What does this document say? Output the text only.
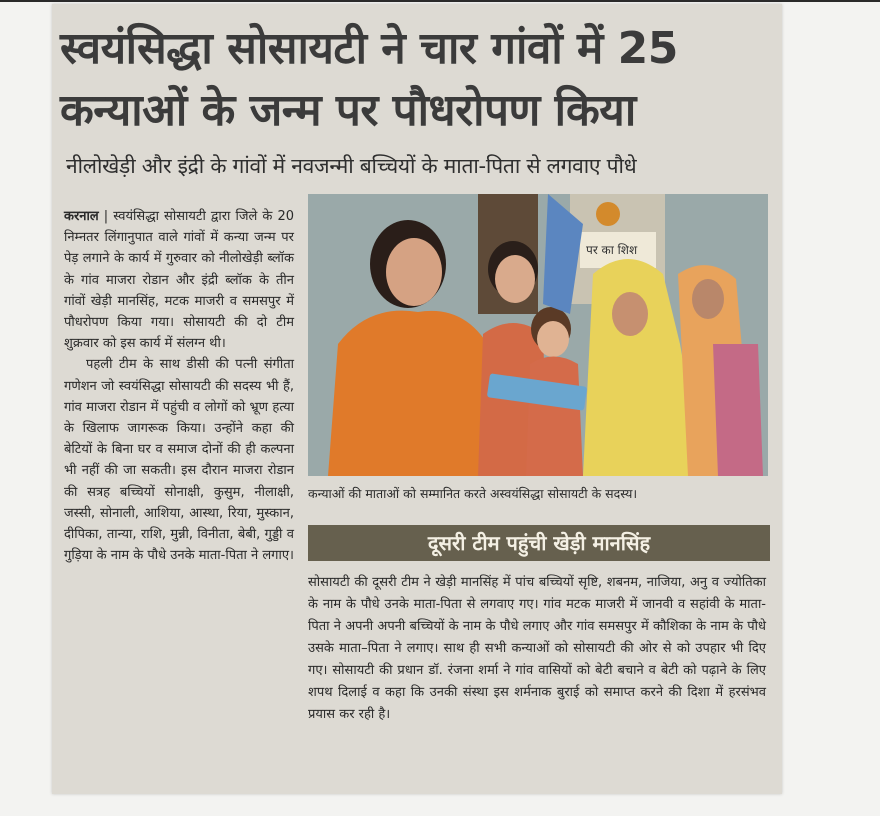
स्वयंसिद्धा सोसायटी ने चार गांवों में 25 कन्याओं के जन्म पर पौधरोपण किया
नीलोखेड़ी और इंद्री के गांवों में नवजन्मी बच्चियों के माता-पिता से लगवाए पौधे

करनाल | स्वयंसिद्धा सोसायटी द्वारा जिले के 20 निम्नतर लिंगानुपात वाले गांवों में कन्या जन्म पर पेड़ लगाने के कार्य में गुरुवार को नीलोखेड़ी ब्लॉक के गांव माजरा रोडान और इंद्री ब्लॉक के तीन गांवों खेड़ी मानसिंह, मटक माजरी व समसपुर में पौधरोपण किया गया। सोसायटी की दो टीम शुक्रवार को इस कार्य में संलग्न थी।

पहली टीम के साथ डीसी की पत्नी संगीता गणेशन जो स्वयंसिद्धा सोसायटी की सदस्य भी हैं, गांव माजरा रोडान में पहुंची व लोगों को भ्रूण हत्या के खिलाफ जागरूक किया। उन्होंने कहा की बेटियों के बिना घर व समाज दोनों की ही कल्पना भी नहीं की जा सकती। इस दौरान माजरा रोडान की सत्रह बच्चियों सोनाक्षी, कुसुम, नीलाक्षी, जस्सी, सोनाली, आशिया, आस्था, रिया, मुस्कान, दीपिका, तान्या, राशि, मुन्नी, विनीता, बेबी, गुड्डी व गुड़िया के नाम के पौधे उनके माता-पिता ने लगाए।

पर का शिश
कन्याओं की माताओं को सम्मानित करते अस्वयंसिद्धा सोसायटी के सदस्य।
दूसरी टीम पहुंची खेड़ी मानसिंह
सोसायटी की दूसरी टीम ने खेड़ी मानसिंह में पांच बच्चियों सृष्टि, शबनम, नाजिया, अनु व ज्योतिका के नाम के पौधे उनके माता-पिता से लगवाए गए। गांव मटक माजरी में जानवी व सहांवी के माता-पिता ने अपनी अपनी बच्चियों के नाम के पौधे लगाए और गांव समसपुर में कौशिका के नाम के पौधे उसके माता–पिता ने लगाए। साथ ही सभी कन्याओं को सोसायटी की ओर से को उपहार भी दिए गए। सोसायटी की प्रधान डॉ. रंजना शर्मा ने गांव वासियों को बेटी बचाने व बेटी को पढ़ाने के लिए शपथ दिलाई व कहा कि उनकी संस्था इस शर्मनाक बुराई को समाप्त करने की दिशा में हरसंभव प्रयास कर रही है।
